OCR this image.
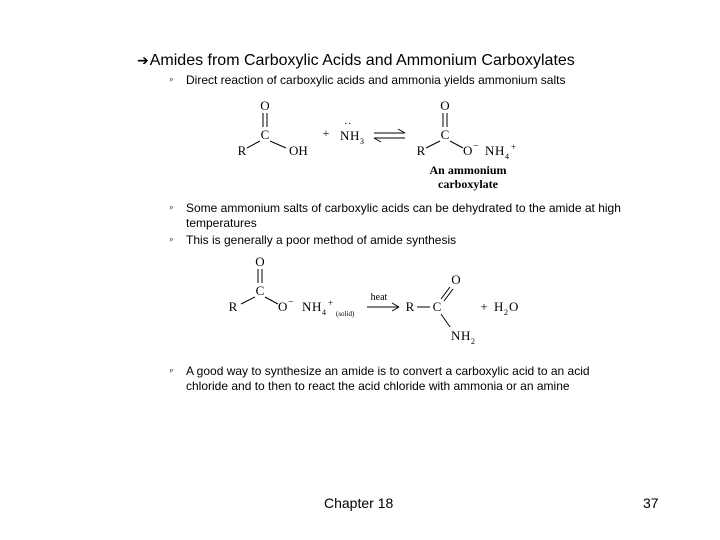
➔Amides from Carboxylic Acids and Ammonium Carboxylates
ᵖ Direct reaction of carboxylic acids and ammonia yields ammonium salts
O
C
R	OH
+
··
N H 3
O
C
R	O − N H 4
+
An ammonium
carboxylate
ᵖ Some ammonium salts of carboxylic acids can be dehydrated to the amide at high
temperatures
ᵖ This is generally a poor method of amide synthesis
O
C
R	O − N H 4
+
(solid)
heat
R C
O
N H 2
+ H 2 O
ᵖ A good way to synthesize an amide is to convert a carboxylic acid to an acid
chloride and to then to react the acid chloride with ammonia or an amine
Chapter 18	37
